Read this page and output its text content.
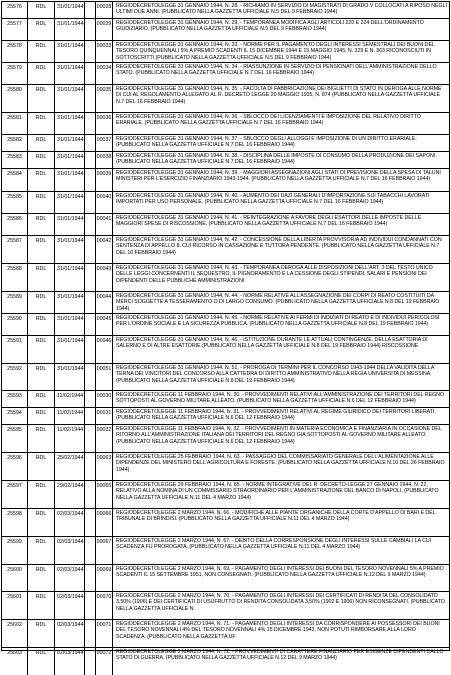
25576	RDL	31/01/1944 00028 REGIODECRETOLEGGE 31 GENNAIO 1944, N. 28. - RICHIAMO IN SERVIZIO DI MAGISTRATI DI GRADO V COLLOCATI A RIPOSO NEGLI ULTIMI DUE ANNI. (PUBBLICATO NELLA GAZZETTA UFFICIALE N.5 DEL 9 FEBBRAIO 1944)
25577	RDL	31/01/1944 00029 REGIODECRETOLEGGE 31 GENNAIO 1944, N. 29. - TEMPORANEA MODIFICA AGLI ARTICOLI 220 E 224 DELL'ORDINAMENTO GIUDIZIARIO. (PUBBLICATO NELLA GAZZETTA UFFICIALE N.5 DEL 9 FEBBRAIO 1944)
25578	RDL	31/01/1944 00033 REGIODECRETOLEGGE 31 GENNAIO 1944, N. 33. - NORME PER IL PAGAMENTO DEGLI INTERESSI SEMESTRALI DEI BUONI DEL TESORO QUINQUENNALI 5% A PREMIO SCADENTI IL 15 DICEMBRE 1944 E 15 MAGGIO 1945, N. 329 E N. 363 RICONOSCIUTI IN SOTTOSCRITTI (PUBBLICATO NELLA GAZZETTA UFFICIALE N.5 DEL 9 FEBBRAIO 1944)
25579	RDL	31/01/1944 00034 REGIODECRETOLEGGE 31 GENNAIO 1944, N. 34. - RIASSUNZIONE IN SERVIZIO DI PENSIONATI DELL'AMMINISTRAZIONE DELLO STATO. (PUBBLICATO NELLA GAZZETTA UFFICIALE N.7 DEL 16 FEBBRAIO 1944)
25580	RDL	31/01/1944 00035 REGIODECRETOLEGGE 31 GENNAIO 1944, N. 35. - FACOLTA DI FABBRICAZIONE DEI BIGLIETTI DI STATO IN DEROGA ALLE NORME DI CUI AL REGOLAMENTO ALLEGATO AL R. DECRETO LEGGE 20 MAGGIO 1935, N. 874 (PUBBLICATO NELLA GAZZETTA UFFICIALE N.7 DEL 16 FEBBRAIO 1944)
25581	RDL	31/01/1944 00036 REGIODECRETOLEGGE 31 GENNAIO 1944, N. 36. - SBLOCCO DEI LICENZIAMENTI E IMPOSIZIONE DEL RELATIVO DIRITTO ERARIALE. (PUBBLICATO NELLA GAZZETTA UFFICIALE N.7 DEL 16 FEBBRAIO 1944)
25582	RDL	31/01/1944 00037 REGIODECRETOLEGGE 31 GENNAIO 1944, N. 37. - SBLOCCO DEGLI ALLOGGI E IMPOSIZIONE DI UN DIRITTO ERARIALE. (PUBBLICATO NELLA GAZZETTA UFFICIALE N.7 DEL 16 FEBBRAIO 1944)
25583	RDL	31/01/1944 00038 REGIODECRETOLEGGE 31 GENNAIO 1944, N. 38. - DISCIPLINA DELLE IMPOSTE DI CONSUMO DELLA PRODUZIONE DEI SAPONI. (PUBBLICATO NELLA GAZZETTA UFFICIALE N.7 DEL 16 FEBBRAIO 1944)
25584	RDL	31/01/1944 00039 REGIODECRETOLEGGE 31 GENNAIO 1944, N. 39. - MAGGIORI ASSEGNAZIONI AGLI STATI DI PREVISIONE DELLA SPESA DI TALUNI MINISTERI PER L'ESERCIZIO FINANZIARIO 1943-1944. (PUBBLICATO NELLA GAZZETTA UFFICIALE N.7 DEL 16 FEBBRAIO 1944)
25585	RDL	31/01/1944 00040 REGIODECRETOLEGGE 31 GENNAIO 1944, N. 40. - AUMENTO DEI DAZI GENERALI D'IMPORTAZIONE SUI TABACCHI LAVORATI IMPORTATI PER USO PERSONALE. (PUBBLICATO NELLA GAZZETTA UFFICIALE N.7 DEL 16 FEBBRAIO 1944)
25586	RDL	31/01/1944 00041 REGIODECRETOLEGGE 31 GENNAIO 1944, N. 41. - REINTEGRAZIONE A FAVORE DEGLI ESATTORI DELLE IMPOSTE DELLE MAGGIORI SPESE DI RISCOSSIONE. (PUBBLICATO NELLA GAZZETTA UFFICIALE N.7 DEL 16 FEBBRAIO 1944)
25587	RDL	31/01/1944 00042 REGIODECRETOLEGGE 31 GENNAIO 1944, N. 42. - CONCESSIONE DELLA LIBERTA PROVVISORIA AD INDIVIDUI CONDANNATI CON SENTENZA DI APPELLO IL CUI RICORSO IN CASSAZIONE E TUTTORA PENDENTE. (PUBBLICATO NELLA GAZZETTA UFFICIALE N.7 DEL 16 FEBBRAIO 1944)
25588	RDL	31/01/1944 00043 REGIODECRETOLEGGE 31 GENNAIO 1944, N. 43. - TEMPORANEA DEROGA ALLE DISPOSIZIONI DELL'ART. 3 DEL TESTO UNICO DELLE LEGGI CONCERNENTI IL SEQUESTRO, IL PIGNORAMENTO E LA CESSIONE DEGLI STIPENDI, SALARI E PENSIONI DEI DIPENDENTI DELLE PUBBLICHE AMMINISTRAZIONI
25589	RDL	31/01/1944 00044 REGIODECRETOLEGGE 31 GENNAIO 1944, N. 44. - NORME RELATIVE ALL'ASSEGNAZIONE DEI CORPI DI REATO COSTITUITI DA MERCI SOGGETTE A TESSERAMENTO O DI LARGO CONSUMO. (PUBBLICATO NELLA GAZZETTA UFFICIALE N.8 DEL 19 FEBBRAIO 1944)
25590	RDL	31/01/1944 00045 REGIODECRETOLEGGE 31 GENNAIO 1944, N. 45. - NORME RELATIVE AI FERMI DI INDIZIATI DI REATO E DI INDIVIDUI PERICOLOSI PER L'ORDINE SOCIALE E LA SICUREZZA PUBBLICA. (PUBBLICATO NELLA GAZZETTA UFFICIALE N.8 DEL 19 FEBBRAIO 1944)
25591	RDL	31/01/1944 00046 REGIODECRETOLEGGE 31 GENNAIO 1944, N. 46. - ISTITUZIONE DURANTE LE ATTUALI CONTINGENZE, DELLA ESATTORIA DI SALERNO E DI ALTRE ESATTORIE (PUBBLICATO NELLA GAZZETTA UFFICIALE N.8 DEL 19 FEBBRAIO 1944) RISCOSSIONE
25592	RDL	31/01/1944 00051 REGIODECRETOLEGGE 31 GENNAIO 1944, N. 51. - PROROGA DI TERMINI PER IL CONCORSO 1943-1944 DELLA VALIDITA DELLA TERNA DEI VINCITORI DEL CONCORSO ALLA CATTEDRA DI DIRITTO AMMINISTRATIVO NELLA REGIA UNIVERSITA DI MESSINA. (PUBBLICATO NELLA GAZZETTA UFFICIALE N.8 DEL 19 FEBBRAIO 1944)
25593	RDL	11/02/1944	00030 REGIODECRETOLEGGE 11 FEBBRAIO 1944, N. 30. - PROVVEDIMENTI RELATIVI ALL'AMMINISTRAZIONE DEI TERRITORI DEL REGNO SOTTOPOSTI AL GOVERNO MILITARE ALLEATO. (PUBBLICATO NELLA GAZZETTA UFFICIALE N.6 DEL 12 FEBBRAIO 1944)
25594	RDL	11/02/1944	00031 REGIODECRETOLEGGE 11 FEBBRAIO 1944, N. 31. - PROVVEDIMENTI RELATIVI AL REGIME GIURIDICO DEI TERRITORI LIBERATI. (PUBBLICATO NELLA GAZZETTA UFFICIALE N.6 DEL 12 FEBBRAIO 1944)
25595	RDL	11/02/1944	00032 REGIODECRETOLEGGE 11 FEBBRAIO 1944, N. 32. - PROVVEDIMENTI IN MATERIA ECONOMICA E FINANZIARIA IN OCCASIONE DEL RITORNO ALL'AMMINISTRAZIONE ITALIANA DEI TERRITORI DEL REGNO GIA SOTTOPOSTI AL GOVERNO MILITARE ALLEATO. (PUBBLICATO NELLA GAZZETTA UFFICIALE N.6 DEL 12 FEBBRAIO 1944)
25596	RDL	25/02/1944 00063 REGIODECRETOLEGGE 25 FEBBRAIO 1944, N. 63. - PASSAGGIO DEL COMMISSARIATO GENERALE DELL'ALIMENTAZIONE ALLE DIPENDENZE DEL MINISTERO DELL'AGRICOLTURA E FORESTE. (PUBBLICATO NELLA GAZZETTA UFFICIALE N.10 DEL 26 FEBBRAIO 1944)
25597	RDL	29/02/1944 00065 REGIODECRETOLEGGE 29 FEBBRAIO 1944, N. 65. - NORME INTEGRATIVE DEL R. DECRETO-LEGGE 27 GENNAIO 1944, N. 22, RELATIVO ALLA NOMINA DI UN COMMISSARIO STRAORDINARIO PER L'AMMINISTRAZIONE DEL BANCO DI NAPOLI. (PUBBLICATO NELLA GAZZETTA UFFICIALE N.11 DEL 4 MARZO 1944)
25598	RDL	02/03/1944 00066 REGIODECRETOLEGGE 2 MARZO 1944, N. 66. - MODIFICHE ALLE PIANTE ORGANICHE DELLA CORTE D'APPELLO DI BARI E DEL TRIBUNALE DI BRINDISI. (PUBBLICATO NELLA GAZZETTA UFFICIALE N.11 DEL 4 MARZO 1944)
25599	RDL	02/03/1944 00067 REGIODECRETOLEGGE 2 MARZO 1944, N. 67. - DEBITO DELLA CORRESPONSIONE DEGLI INTERESSI SULLE CAMBIALI LA CUI SCADENZA FU PROROGATA. (PUBBLICATO NELLA GAZZETTA UFFICIALE N.11 DEL 4 MARZO 1944)
25600	RDL	02/03/1944 00069 REGIODECRETOLEGGE 2 MARZO 1944, N. 69. - PAGAMENTO DEGLI INTERESSI DEI BUONI DEL TESORO NOVENNALI 5% A PREMIO SCADENTI IL 15 SETTEMBRE 1951, NON CONSEGNATI. (PUBBLICATO NELLA GAZZETTA UFFICIALE N.12 DEL 9 MARZO 1944)
25601	RDL	02/03/1944 00070 REGIODECRETOLEGGE 2 MARZO 1944, N. 70. - PAGAMENTO DEGLI INTERESSI DEI CERTIFICATI DI RENDITA DEL CONSOLIDATO 3,50% (1906) E DEI CERTIFICATI DI USUFRUTTO DI RENDITA CONSOLIDATA 3,50% (1902 E 1906) NON RICONSEGNATI. (PUBBLICATO NELLA GAZZETTA UFFICIALE N
25602	RDL	02/03/1944 00071 REGIODECRETOLEGGE 2 MARZO 1944, N. 71. - PAGAMENTO DEGLI INTERESSI DA CORRISPONDERE AI POSSESSORI DEI BUONI DEL TESORO NOVENNALI 4% DEL TESORO NOVENNALI 4% 15 DICEMBRE 1943, NON POTUTI RIMBORSARE ALLA LORO SCADENZA. (PUBBLICATO NELLA GAZZETTA UF
25603	RDL	02/03/1944 00072 REGIODECRETOLEGGE 2 MARZO 1944, N. 72. - PROVVEDIMENTI DI CARATTERE FINANZIARIO PER ESIGENZE DIPENDENTI DALLO STATO DI GUERRA. (PUBBLICATO NELLA GAZZETTA UFFICIALE N.12 DEL 9 MARZO 1944)
